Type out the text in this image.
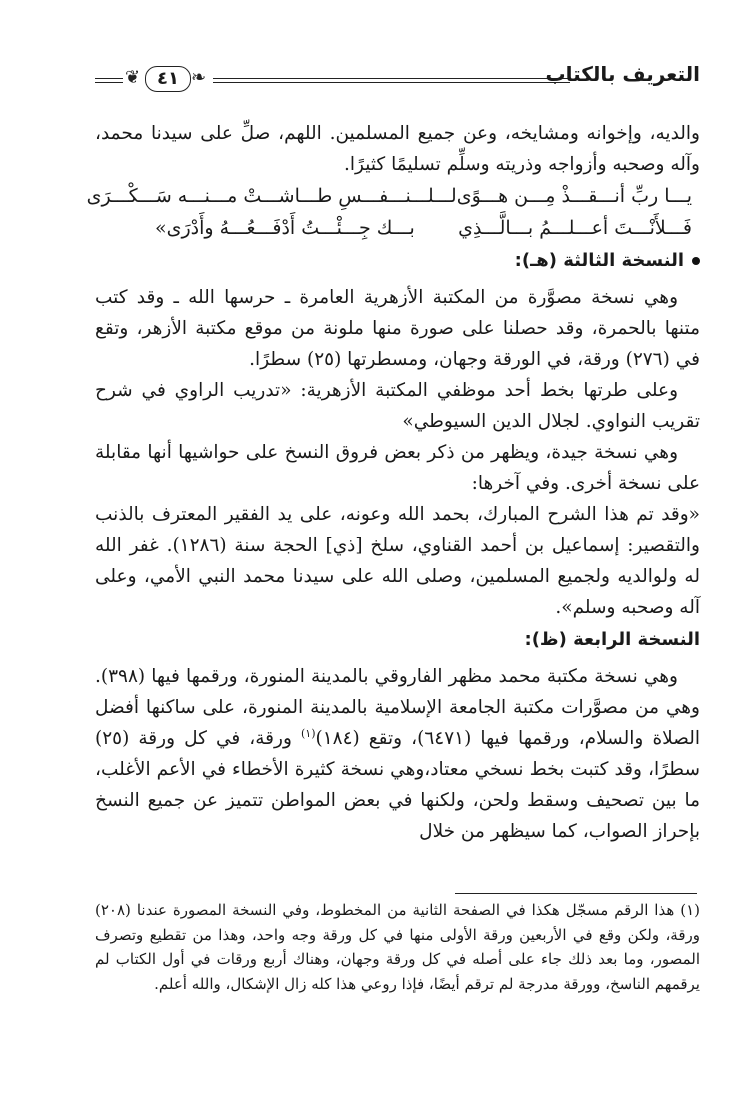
❦ ٤١ ❧	التعريف بالكتاب

والديه، وإخوانه ومشايخه، وعن جميع المسلمين. اللهم، صلِّ على سيدنا محمد، وآله وصحبه وأزواجه وذريته وسلِّم تسليمًا كثيرًا.

يـــا ربِّ أنـــقـــذْ مِـــن هـــوًى
لـــلـــنـــفـــسِ طـــاشـــتْ مـــنـــه سَـــكْـــرَى
فَـــلأَنْـــتَ أعـــلـــمُ بـــالَّـــذِي
بـــك جِـــئْـــتُ أَدْفَـــعُـــهُ وأَدْرَى»
النسخة الثالثة (هـ):

وهي نسخة مصوَّرة من المكتبة الأزهرية العامرة ـ حرسها الله ـ وقد كتب متنها بالحمرة، وقد حصلنا على صورة منها ملونة من موقع مكتبة الأزهر، وتقع في (٢٧٦) ورقة، في الورقة وجهان، ومسطرتها (٢٥) سطرًا.

وعلى طرتها بخط أحد موظفي المكتبة الأزهرية: «تدريب الراوي في شرح تقريب النواوي. لجلال الدين السيوطي»

وهي نسخة جيدة، ويظهر من ذكر بعض فروق النسخ على حواشيها أنها مقابلة على نسخة أخرى. وفي آخرها:

«وقد تم هذا الشرح المبارك، بحمد الله وعونه، على يد الفقير المعترف بالذنب والتقصير: إسماعيل بن أحمد القناوي، سلخ [ذي] الحجة سنة (١٢٨٦). غفر الله له ولوالديه ولجميع المسلمين، وصلى الله على سيدنا محمد النبي الأمي، وعلى آله وصحبه وسلم».

النسخة الرابعة (ظ):

وهي نسخة مكتبة محمد مظهر الفاروقي بالمدينة المنورة، ورقمها فيها (٣٩٨). وهي من مصوَّرات مكتبة الجامعة الإسلامية بالمدينة المنورة، على ساكنها أفضل الصلاة والسلام، ورقمها فيها (٦٤٧١)، وتقع (١٨٤)$^{(١)}$ ورقة، في كل ورقة (٢٥) سطرًا، وقد كتبت بخط نسخي معتاد،وهي نسخة كثيرة الأخطاء في الأعم الأغلب، ما بين تصحيف وسقط ولحن، ولكنها في بعض المواطن تتميز عن جميع النسخ بإحراز الصواب، كما سيظهر من خلال

(١) هذا الرقم مسجّل هكذا في الصفحة الثانية من المخطوط، وفي النسخة المصورة عندنا (٢٠٨) ورقة، ولكن وقع في الأربعين ورقة الأولى منها في كل ورقة وجه واحد، وهذا من تقطيع وتصرف المصور، وما بعد ذلك جاء على أصله في كل ورقة وجهان، وهناك أربع ورقات في أول الكتاب لم يرقمهم الناسخ، وورقة مدرجة لم ترقم أيضًا، فإذا روعي هذا كله زال الإشكال، والله أعلم.
